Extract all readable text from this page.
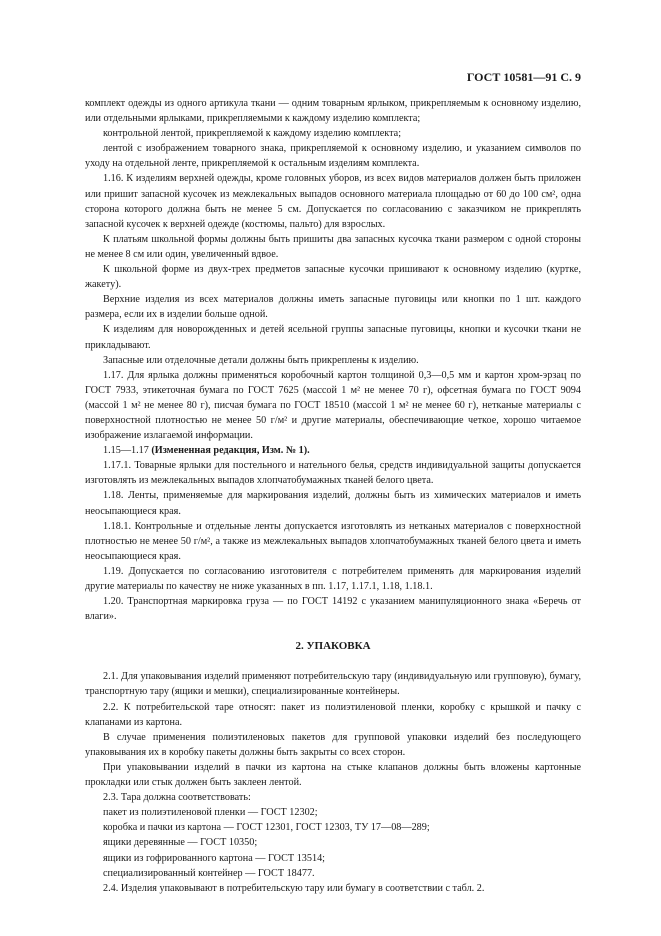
ГОСТ 10581—91 С. 9

комплект одежды из одного артикула ткани — одним товарным ярлыком, прикрепляемым к основному изделию, или отдельными ярлыками, прикрепляемыми к каждому изделию комплекта;

контрольной лентой, прикрепляемой к каждому изделию комплекта;

лентой с изображением товарного знака, прикрепляемой к основному изделию, и указанием символов по уходу на отдельной ленте, прикрепляемой к остальным изделиям комплекта.

1.16. К изделиям верхней одежды, кроме головных уборов, из всех видов материалов должен быть приложен или пришит запасной кусочек из межлекальных выпадов основного материала площадью от 60 до 100 см², одна сторона которого должна быть не менее 5 см. Допускается по согласованию с заказчиком не прикреплять запасной кусочек к верхней одежде (костюмы, пальто) для взрослых.

К платьям школьной формы должны быть пришиты два запасных кусочка ткани размером с одной стороны не менее 8 см или один, увеличенный вдвое.

К школьной форме из двух-трех предметов запасные кусочки пришивают к основному изделию (куртке, жакету).

Верхние изделия из всех материалов должны иметь запасные пуговицы или кнопки по 1 шт. каждого размера, если их в изделии больше одной.

К изделиям для новорожденных и детей ясельной группы запасные пуговицы, кнопки и кусочки ткани не прикладывают.

Запасные или отделочные детали должны быть прикреплены к изделию.

1.17. Для ярлыка должны применяться коробочный картон толщиной 0,3—0,5 мм и картон хром-эрзац по ГОСТ 7933, этикеточная бумага по ГОСТ 7625 (массой 1 м² не менее 70 г), офсетная бумага по ГОСТ 9094 (массой 1 м² не менее 80 г), писчая бумага по ГОСТ 18510 (массой 1 м² не менее 60 г), нетканые материалы с поверхностной плотностью не менее 50 г/м² и другие материалы, обеспечивающие четкое, хорошо читаемое изображение излагаемой информации.

1.15—1.17 (Измененная редакция, Изм. № 1).

1.17.1. Товарные ярлыки для постельного и нательного белья, средств индивидуальной защиты допускается изготовлять из межлекальных выпадов хлопчатобумажных тканей белого цвета.

1.18. Ленты, применяемые для маркирования изделий, должны быть из химических материалов и иметь неосыпающиеся края.

1.18.1. Контрольные и отдельные ленты допускается изготовлять из нетканых материалов с поверхностной плотностью не менее 50 г/м², а также из межлекальных выпадов хлопчатобумажных тканей белого цвета и иметь неосыпающиеся края.

1.19. Допускается по согласованию изготовителя с потребителем применять для маркирования изделий другие материалы по качеству не ниже указанных в пп. 1.17, 1.17.1, 1.18, 1.18.1.

1.20. Транспортная маркировка груза — по ГОСТ 14192 с указанием манипуляционного знака «Беречь от влаги».

2. УПАКОВКА

2.1. Для упаковывания изделий применяют потребительскую тару (индивидуальную или групповую), бумагу, транспортную тару (ящики и мешки), специализированные контейнеры.

2.2. К потребительской таре относят: пакет из полиэтиленовой пленки, коробку с крышкой и пачку с клапанами из картона.

В случае применения полиэтиленовых пакетов для групповой упаковки изделий без последующего упаковывания их в коробку пакеты должны быть закрыты со всех сторон.

При упаковывании изделий в пачки из картона на стыке клапанов должны быть вложены картонные прокладки или стык должен быть заклеен лентой.

2.3. Тара должна соответствовать:

пакет из полиэтиленовой пленки — ГОСТ 12302;

коробка и пачки из картона — ГОСТ 12301, ГОСТ 12303, ТУ 17—08—289;

ящики деревянные — ГОСТ 10350;

ящики из гофрированного картона — ГОСТ 13514;

специализированный контейнер — ГОСТ 18477.

2.4. Изделия упаковывают в потребительскую тару или бумагу в соответствии с табл. 2.
